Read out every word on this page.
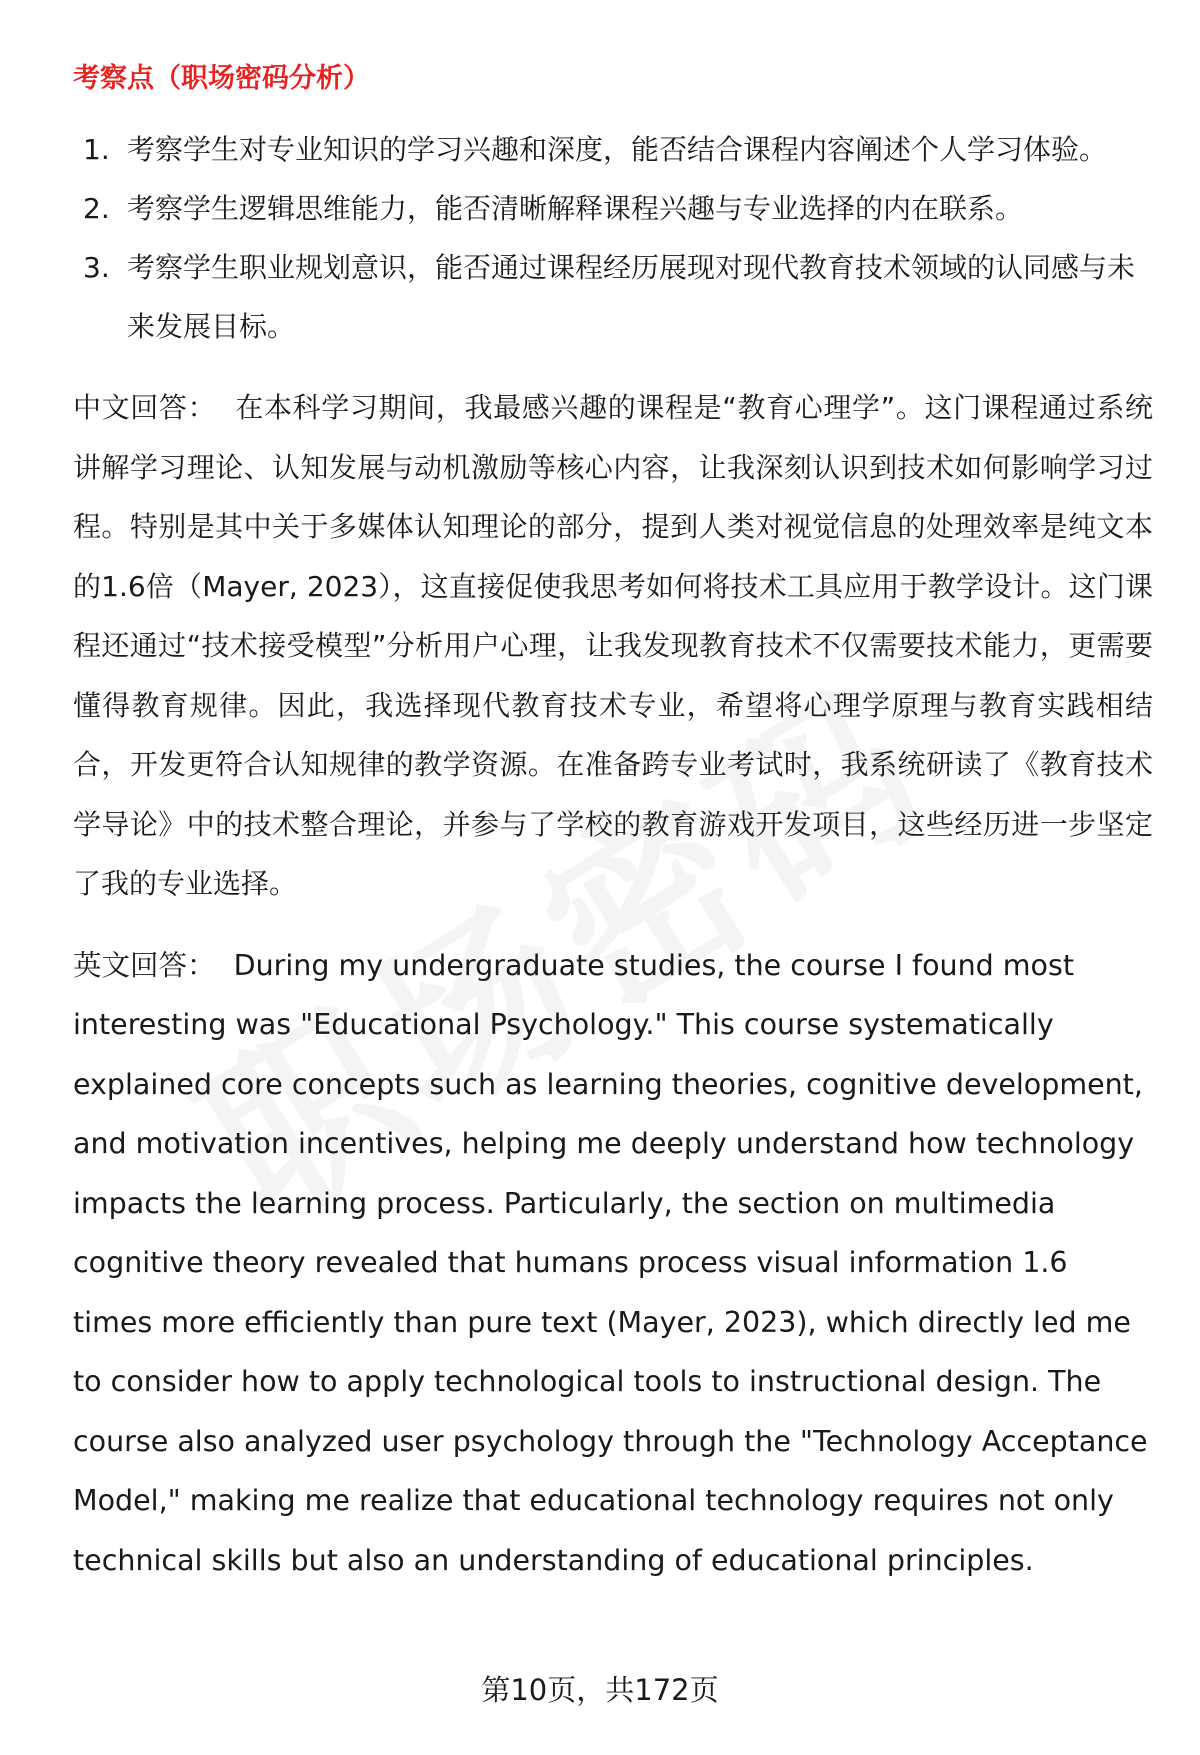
考察点（职场密码分析）
1. 考察学生对专业知识的学习兴趣和深度，能否结合课程内容阐述个人学习体验。
2. 考察学生逻辑思维能力，能否清晰解释课程兴趣与专业选择的内在联系。
3. 考察学生职业规划意识，能否通过课程经历展现对现代教育技术领域的认同感与未来发展目标。

中文回答： 在本科学习期间，我最感兴趣的课程是“教育心理学”。这门课程通过系统讲解学习理论、认知发展与动机激励等核心内容，让我深刻认识到技术如何影响学习过程。特别是其中关于多媒体认知理论的部分，提到人类对视觉信息的处理效率是纯文本的1.6倍（Mayer, 2023），这直接促使我思考如何将技术工具应用于教学设计。这门课程还通过“技术接受模型”分析用户心理，让我发现教育技术不仅需要技术能力，更需要懂得教育规律。因此，我选择现代教育技术专业，希望将心理学原理与教育实践相结合，开发更符合认知规律的教学资源。在准备跨专业考试时，我系统研读了《教育技术学导论》中的技术整合理论，并参与了学校的教育游戏开发项目，这些经历进一步坚定了我的专业选择。

英文回答： During my undergraduate studies, the course I found most interesting was "Educational Psychology." This course systematically explained core concepts such as learning theories, cognitive development, and motivation incentives, helping me deeply understand how technology impacts the learning process. Particularly, the section on multimedia cognitive theory revealed that humans process visual information 1.6 times more efficiently than pure text (Mayer, 2023), which directly led me to consider how to apply technological tools to instructional design. The course also analyzed user psychology through the "Technology Acceptance Model," making me realize that educational technology requires not only technical skills but also an understanding of educational principles.

第10页，共172页
